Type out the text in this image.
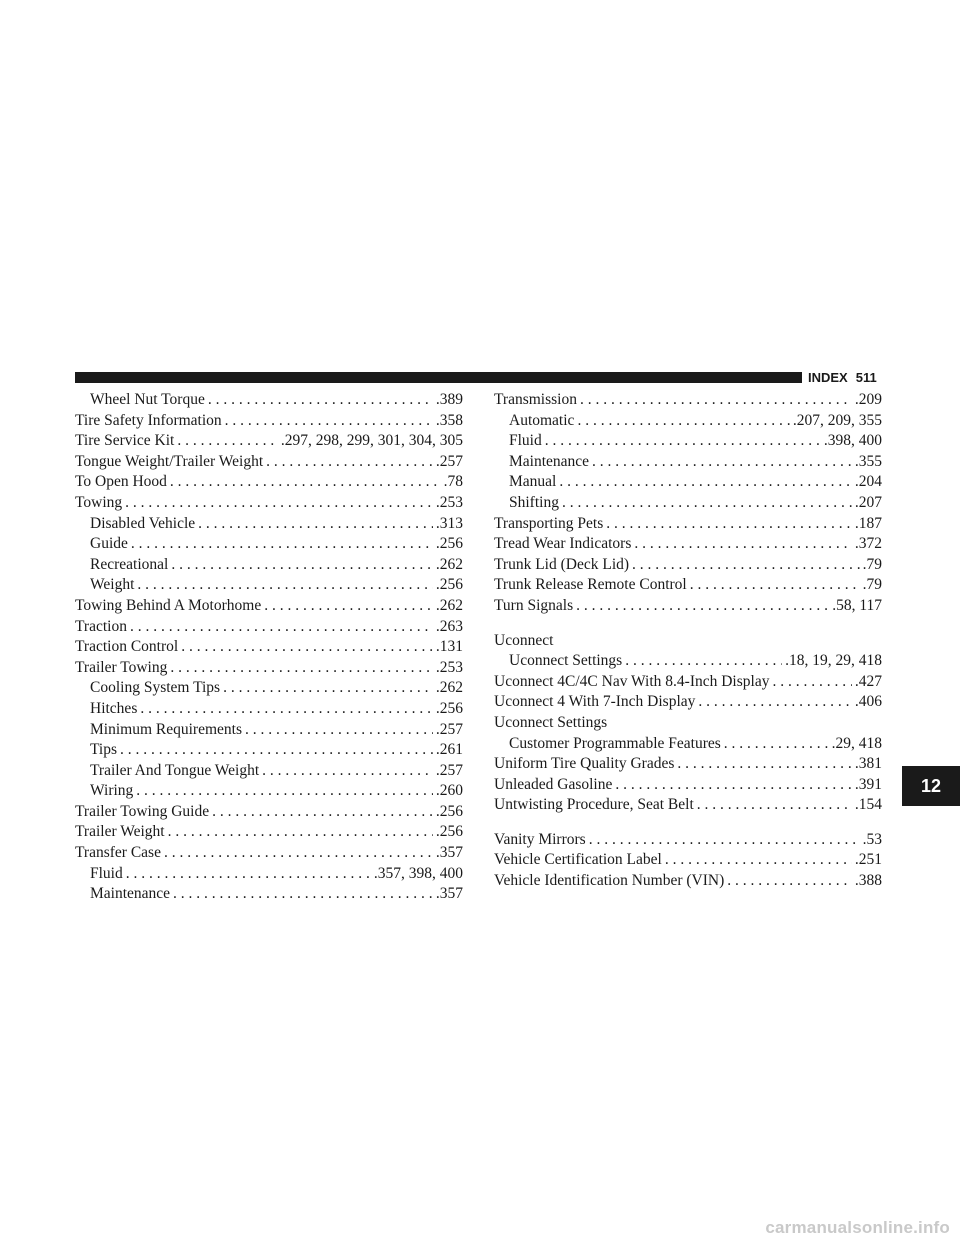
INDEX 511
Wheel Nut Torque . . .	.389
Tire Safety Information . . .	.358
Tire Service Kit . . .	.297, 298, 299, 301, 304, 305
Tongue Weight/Trailer Weight . . .	.257
To Open Hood . . .	.78
Towing . . .	.253
Disabled Vehicle . . .	.313
Guide . . .	.256
Recreational . . .	.262
Weight . . .	.256
Towing Behind A Motorhome . . .	.262
Traction . . .	.263
Traction Control . . .	.131
Trailer Towing . . .	.253
Cooling System Tips . . .	.262
Hitches . . .	.256
Minimum Requirements . . .	.257
Tips . . .	.261
Trailer And Tongue Weight . . .	.257
Wiring . . .	.260
Trailer Towing Guide . . .	.256
Trailer Weight . . .	.256
Transfer Case . . .	.357
Fluid . . .	.357, 398, 400
Maintenance . . .	.357
Transmission . . .	.209
Automatic . . .	.207, 209, 355
Fluid . . .	.398, 400
Maintenance . . .	.355
Manual . . .	.204
Shifting . . .	.207
Transporting Pets . . .	.187
Tread Wear Indicators . . .	.372
Trunk Lid (Deck Lid) . . .	.79
Trunk Release Remote Control . . .	.79
Turn Signals . . .	.58, 117
Uconnect
Uconnect Settings . . .	.18, 19, 29, 418
Uconnect 4C/4C Nav With 8.4-Inch Display . . .	.427
Uconnect 4 With 7-Inch Display . . .	.406
Uconnect Settings
Customer Programmable Features . . .	.29, 418
Uniform Tire Quality Grades . . .	.381
Unleaded Gasoline . . .	.391
Untwisting Procedure, Seat Belt . . .	.154
Vanity Mirrors . . .	.53
Vehicle Certification Label . . .	.251
Vehicle Identification Number (VIN) . . .	.388
12
carmanualsonline.info
